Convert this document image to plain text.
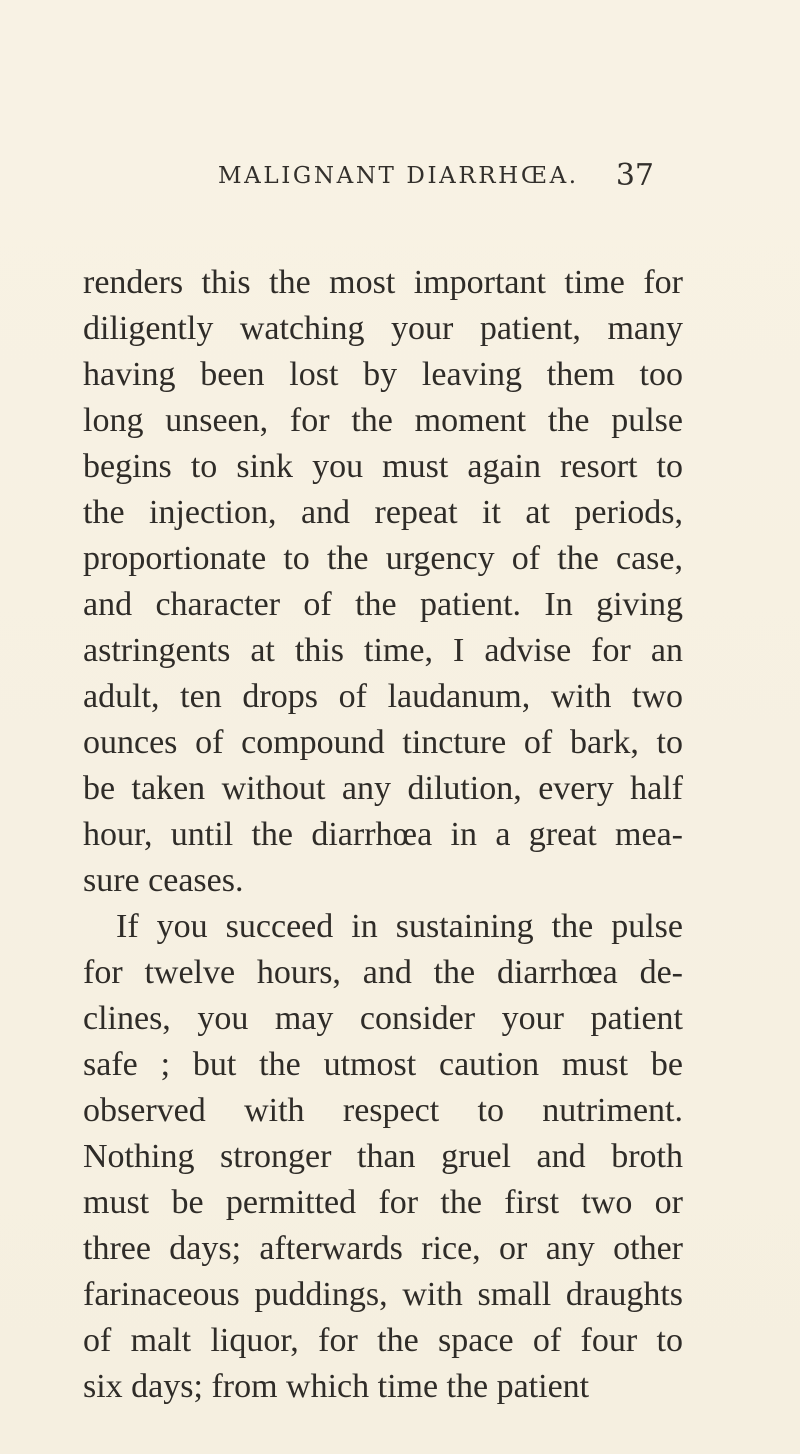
MALIGNANT DIARRHŒA. 37
renders this the most important time for
diligently watching your patient, many
having been lost by leaving them too
long unseen, for the moment the pulse
begins to sink you must again resort to
the injection, and repeat it at periods,
proportionate to the urgency of the case,
and character of the patient. In giving
astringents at this time, I advise for an
adult, ten drops of laudanum, with two
ounces of compound tincture of bark, to
be taken without any dilution, every half
hour, until the diarrhœa in a great mea-
sure ceases.
If you succeed in sustaining the pulse
for twelve hours, and the diarrhœa de-
clines, you may consider your patient
safe ; but the utmost caution must be
observed with respect to nutriment.
Nothing stronger than gruel and broth
must be permitted for the first two or
three days; afterwards rice, or any other
farinaceous puddings, with small draughts
of malt liquor, for the space of four to
six days; from which time the patient
